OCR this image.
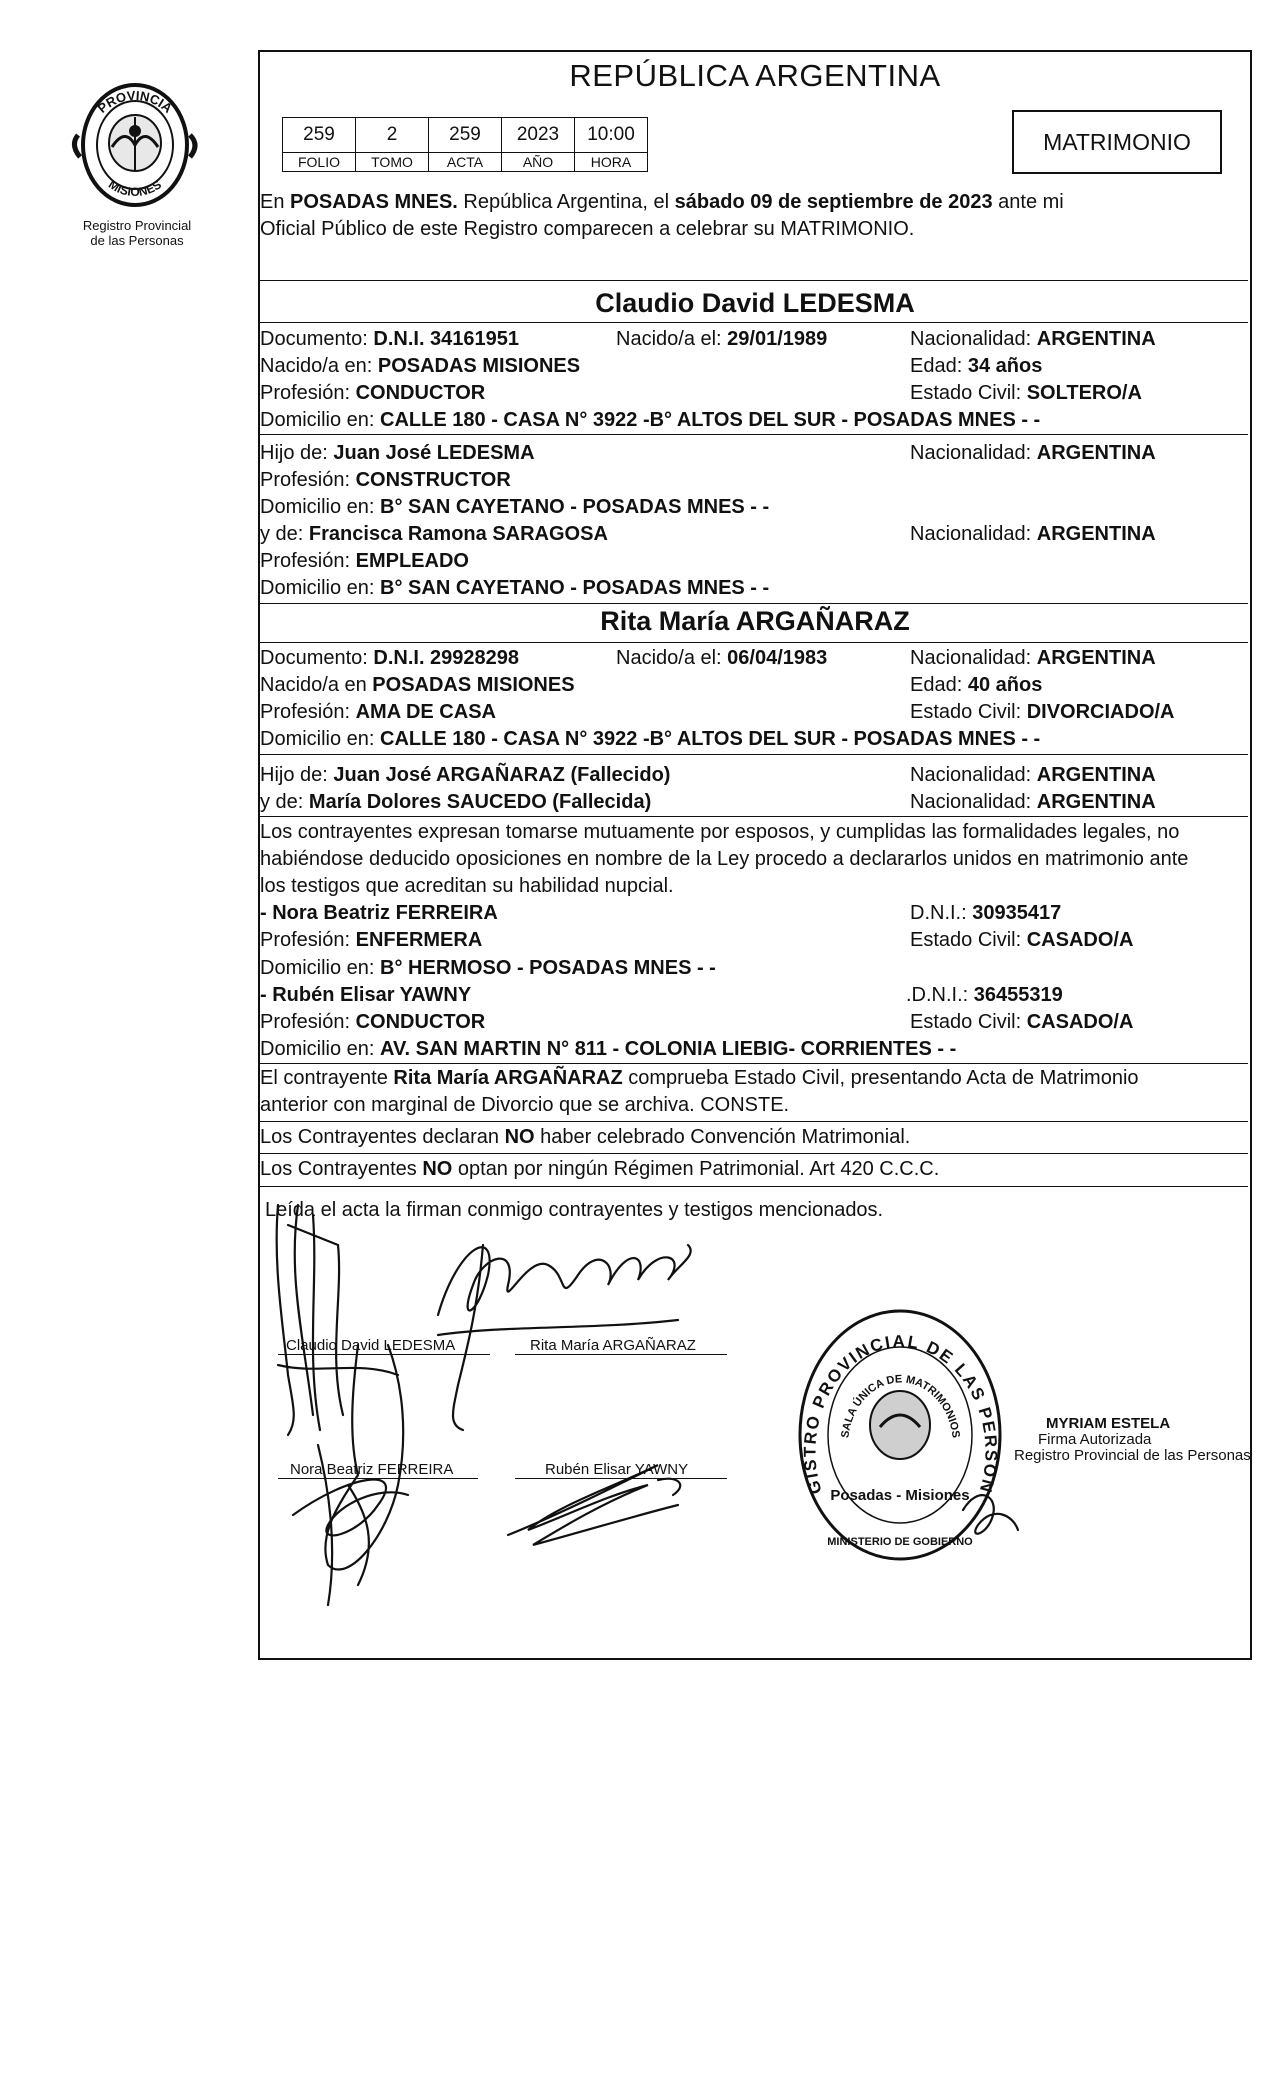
PROVINCIA
MISIONES
Registro Provincial
de las Personas
REPÚBLICA ARGENTINA
259	2	259	2023	10:00
FOLIO	TOMO	ACTA	AÑO	HORA
MATRIMONIO
En POSADAS MNES. República Argentina, el sábado 09 de septiembre de 2023 ante mi
Oficial Público de este Registro comparecen a celebrar su MATRIMONIO.
Claudio David LEDESMA
Documento: D.N.I. 34161951	Nacido/a el: 29/01/1989	Nacionalidad: ARGENTINA
Nacido/a en: POSADAS MISIONES	Edad: 34 años
Profesión: CONDUCTOR	Estado Civil: SOLTERO/A
Domicilio en: CALLE 180 - CASA N° 3922 -B° ALTOS DEL SUR - POSADAS MNES - -
Hijo de: Juan José LEDESMA	Nacionalidad: ARGENTINA
Profesión: CONSTRUCTOR
Domicilio en: B° SAN CAYETANO - POSADAS MNES - -
y de: Francisca Ramona SARAGOSA	Nacionalidad: ARGENTINA
Profesión: EMPLEADO
Domicilio en: B° SAN CAYETANO - POSADAS MNES - -
Rita María ARGAÑARAZ
Documento: D.N.I. 29928298	Nacido/a el: 06/04/1983	Nacionalidad: ARGENTINA
Nacido/a en POSADAS MISIONES	Edad: 40 años
Profesión: AMA DE CASA	Estado Civil: DIVORCIADO/A
Domicilio en: CALLE 180 - CASA N° 3922 -B° ALTOS DEL SUR - POSADAS MNES - -
Hijo de: Juan José ARGAÑARAZ (Fallecido)	Nacionalidad: ARGENTINA
y de: María Dolores SAUCEDO (Fallecida)	Nacionalidad: ARGENTINA
Los contrayentes expresan tomarse mutuamente por esposos, y cumplidas las formalidades legales, no
habiéndose deducido oposiciones en nombre de la Ley procedo a declararlos unidos en matrimonio ante
los testigos que acreditan su habilidad nupcial.
- Nora Beatriz FERREIRA	D.N.I.: 30935417
Profesión: ENFERMERA	Estado Civil: CASADO/A
Domicilio en: B° HERMOSO - POSADAS MNES - -
- Rubén Elisar YAWNY	.D.N.I.: 36455319
Profesión: CONDUCTOR	Estado Civil: CASADO/A
Domicilio en: AV. SAN MARTIN N° 811 - COLONIA LIEBIG- CORRIENTES - -
El contrayente Rita María ARGAÑARAZ comprueba Estado Civil, presentando Acta de Matrimonio
anterior con marginal de Divorcio que se archiva. CONSTE.
Los Contrayentes declaran NO haber celebrado Convención Matrimonial.
Los Contrayentes NO optan por ningún Régimen Patrimonial. Art 420 C.C.C.
Leída el acta la firman conmigo contrayentes y testigos mencionados.
Claudio David LEDESMA	Rita María ARGAÑARAZ
Nora Beatriz FERREIRA	Rubén Elisar YAWNY
GISTRO PROVINCIAL DE LAS PERSON
SALA ÚNICA DE MATRIMONIOS
Posadas - Misiones
MINISTERIO DE GOBIERNO
MYRIAM ESTELA
Firma Autorizada
Registro Provincial de las Personas
